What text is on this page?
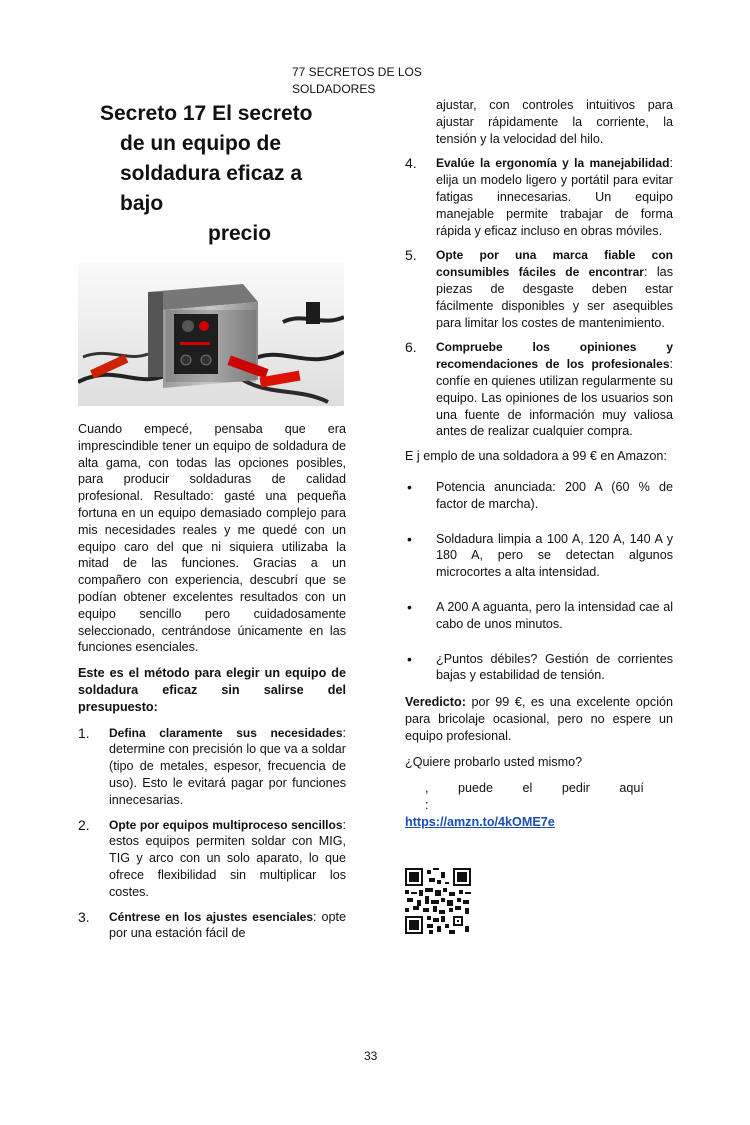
77 SECRETOS DE LOS SOLDADORES
Secreto 17 El secreto
de un equipo de
soldadura eficaz a
bajo
precio

Cuando empecé, pensaba que era imprescindible tener un equipo de soldadura de alta gama, con todas las opciones posibles, para producir soldaduras de calidad profesional. Resultado: gasté una pequeña fortuna en un equipo demasiado complejo para mis necesidades reales y me quedé con un equipo caro del que ni siquiera utilizaba la mitad de las funciones. Gracias a un compañero con experiencia, descubrí que se podían obtener excelentes resultados con un equipo sencillo pero cuidadosamente seleccionado, centrándose únicamente en las funciones esenciales.

Este es el método para elegir un equipo de soldadura eficaz sin salirse del presupuesto:

1. Defina claramente sus necesidades: determine con precisión lo que va a soldar (tipo de metales, espesor, frecuencia de uso). Esto le evitará pagar por funciones innecesarias.
2. Opte por equipos multiproceso sencillos: estos equipos permiten soldar con MIG, TIG y arco con un solo aparato, lo que ofrece flexibilidad sin multiplicar los costes.
3. Céntrese en los ajustes esenciales: opte por una estación fácil de

ajustar, con controles intuitivos para ajustar rápidamente la corriente, la tensión y la velocidad del hilo.

4. Evalúe la ergonomía y la manejabilidad: elija un modelo ligero y portátil para evitar fatigas innecesarias. Un equipo manejable permite trabajar de forma rápida y eficaz incluso en obras móviles.
5. Opte por una marca fiable con consumibles fáciles de encontrar: las piezas de desgaste deben estar fácilmente disponibles y ser asequibles para limitar los costes de mantenimiento.
6. Compruebe los opiniones y recomendaciones de los profesionales: confíe en quienes utilizan regularmente su equipo. Las opiniones de los usuarios son una fuente de información muy valiosa antes de realizar cualquier compra.

E j emplo de una soldadora a 99 € en Amazon:

• Potencia anunciada: 200 A (60 % de factor de marcha).
• Soldadura limpia a 100 A, 120 A, 140 A y 180 A, pero se detectan algunos microcortes a alta intensidad.
• A 200 A aguanta, pero la intensidad cae al cabo de unos minutos.
• ¿Puntos débiles? Gestión de corrientes bajas y estabilidad de tensión.

Veredicto: por 99 €, es una excelente opción para bricolaje ocasional, pero no espere un equipo profesional.

¿Quiere probarlo usted mismo?

, puede el pedir aquí :

https://amzn.to/4kOME7e
33
